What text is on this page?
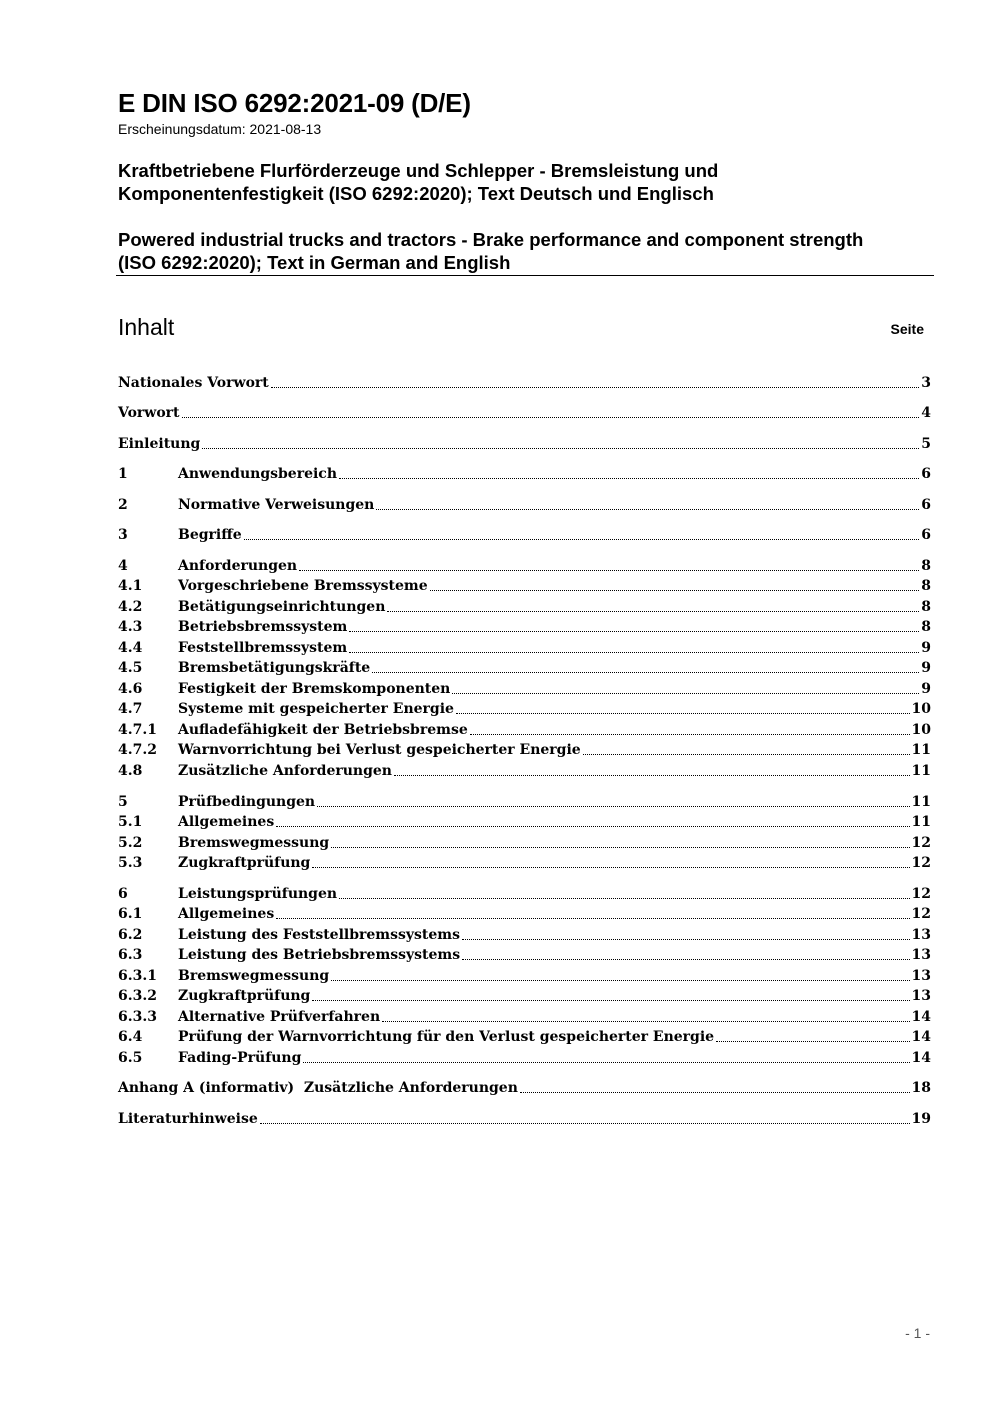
E DIN ISO 6292:2021-09 (D/E)
Erscheinungsdatum: 2021-08-13
Kraftbetriebene Flurförderzeuge und Schlepper - Bremsleistung und
Komponentenfestigkeit (ISO 6292:2020); Text Deutsch und Englisch
Powered industrial trucks and tractors - Brake performance and component strength
(ISO 6292:2020); Text in German and English
Inhalt	Seite
Nationales Vorwort	3
Vorwort	4
Einleitung	5
1	Anwendungsbereich	6
2	Normative Verweisungen	6
3	Begriffe	6
4	Anforderungen	8
4.1	Vorgeschriebene Bremssysteme	8
4.2	Betätigungseinrichtungen	8
4.3	Betriebsbremssystem	8
4.4	Feststellbremssystem	9
4.5	Bremsbetätigungskräfte	9
4.6	Festigkeit der Bremskomponenten	9
4.7	Systeme mit gespeicherter Energie	10
4.7.1	Aufladefähigkeit der Betriebsbremse	10
4.7.2	Warnvorrichtung bei Verlust gespeicherter Energie	11
4.8	Zusätzliche Anforderungen	11
5	Prüfbedingungen	11
5.1	Allgemeines	11
5.2	Bremswegmessung	12
5.3	Zugkraftprüfung	12
6	Leistungsprüfungen	12
6.1	Allgemeines	12
6.2	Leistung des Feststellbremssystems	13
6.3	Leistung des Betriebsbremssystems	13
6.3.1	Bremswegmessung	13
6.3.2	Zugkraftprüfung	13
6.3.3	Alternative Prüfverfahren	14
6.4	Prüfung der Warnvorrichtung für den Verlust gespeicherter Energie	14
6.5	Fading-Prüfung	14
Anhang A (informativ)  Zusätzliche Anforderungen	18
Literaturhinweise	19
- 1 -
